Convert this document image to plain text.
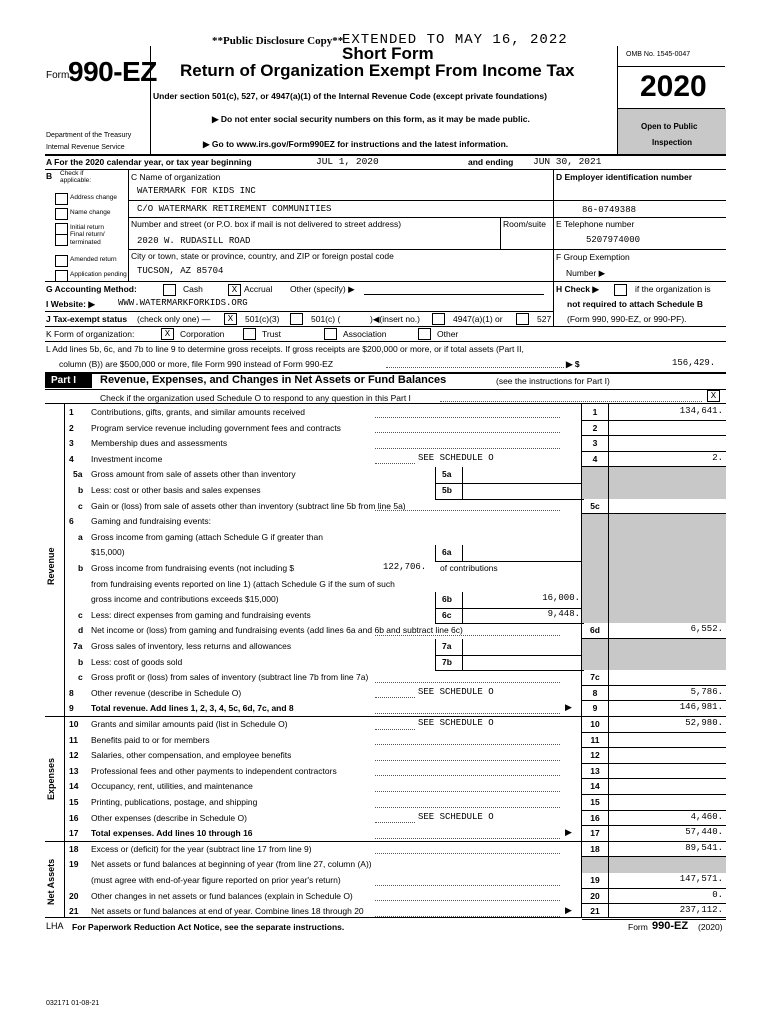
**Public Disclosure Copy**
EXTENDED TO MAY 16, 2022
Form
990-EZ
Short Form
Return of Organization Exempt From Income Tax
Under section 501(c), 527, or 4947(a)(1) of the Internal Revenue Code (except private foundations)
▶ Do not enter social security numbers on this form, as it may be made public.
▶ Go to www.irs.gov/Form990EZ for instructions and the latest information.
Department of the Treasury
Internal Revenue Service
OMB No. 1545-0047
2020
Open to Public
Inspection
A For the 2020 calendar year, or tax year beginning	JUL 1, 2020	and ending JUN 30, 2021
B Check if
applicable:
Address change
Name change
Initial return
Final return/
terminated
Amended return
Application pending
C Name of organization
WATERMARK FOR KIDS INC
C/O WATERMARK RETIREMENT COMMUNITIES
Number and street (or P.O. box if mail is not delivered to street address)	Room/suite
2020 W. RUDASILL ROAD
City or town, state or province, country, and ZIP or foreign postal code
TUCSON, AZ 85704
D Employer identification number
86-0749388
E Telephone number
5207974000
F Group Exemption
Number ▶
G Accounting Method:	Cash	X Accrual Other (specify) ▶	H Check ▶	if the organization is
not required to attach Schedule B
(Form 990, 990-EZ, or 990-PF).
I Website: ▶	WWW.WATERMARKFORKIDS.ORG
J Tax-exempt status (check only one) —	X	501(c)(3)	501(c) (	)◀(insert no.)	4947(a)(1) or	527
K Form of organization:	X	Corporation	Trust	Association	Other
L Add lines 5b, 6c, and 7b to line 9 to determine gross receipts. If gross receipts are $200,000 or more, or if total assets (Part II,
column (B)) are $500,000 or more, file Form 990 instead of Form 990-EZ	▶ $	156,429.
Part I Revenue, Expenses, and Changes in Net Assets or Fund Balances	(see the instructions for Part I)
Check if the organization used Schedule O to respond to any question in this Part I	X
1 Contributions, gifts, grants, and similar amounts received	1	134,641.
2 Program service revenue including government fees and contracts	2
3 Membership dues and assessments	3
4 Investment income	SEE SCHEDULE O	4	2.
5a Gross amount from sale of assets other than inventory	5a
b Less: cost or other basis and sales expenses	5b
c Gain or (loss) from sale of assets other than inventory (subtract line 5b from line 5a)	5c
6 Gaming and fundraising events:
a Gross income from gaming (attach Schedule G if greater than
$15,000)	6a
b Gross income from fundraising events (not including $	122,706. of contributions
from fundraising events reported on line 1) (attach Schedule G if the sum of such
gross income and contributions exceeds $15,000)	6b	16,000.
c Less: direct expenses from gaming and fundraising events	6c	9,448.
d Net income or (loss) from gaming and fundraising events (add lines 6a and 6b and subtract line 6c)	6d	6,552.
7a Gross sales of inventory, less returns and allowances	7a
b Less: cost of goods sold	7b
c Gross profit or (loss) from sales of inventory (subtract line 7b from line 7a)	7c
8 Other revenue (describe in Schedule O)	SEE SCHEDULE O	8	5,786.
9 Total revenue. Add lines 1, 2, 3, 4, 5c, 6d, 7c, and 8	9	146,981.
▶
10 Grants and similar amounts paid (list in Schedule O)	SEE SCHEDULE O	10	52,980.
11 Benefits paid to or for members	11
12 Salaries, other compensation, and employee benefits	12
13 Professional fees and other payments to independent contractors	13
14 Occupancy, rent, utilities, and maintenance	14
15 Printing, publications, postage, and shipping	15
16 Other expenses (describe in Schedule O)	SEE SCHEDULE O	16	4,460.
17 Total expenses. Add lines 10 through 16	17	57,440.
▶
18 Excess or (deficit) for the year (subtract line 17 from line 9)	18	89,541.
19 Net assets or fund balances at beginning of year (from line 27, column (A))
(must agree with end-of-year figure reported on prior year's return)	19	147,571.
20 Other changes in net assets or fund balances (explain in Schedule O)	20	0.
21 Net assets or fund balances at end of year. Combine lines 18 through 20	21	237,112.
▶
Revenue
Expenses
Net Assets
LHA For Paperwork Reduction Act Notice, see the separate instructions.	Form 990-EZ (2020)
032171 01-08-21
